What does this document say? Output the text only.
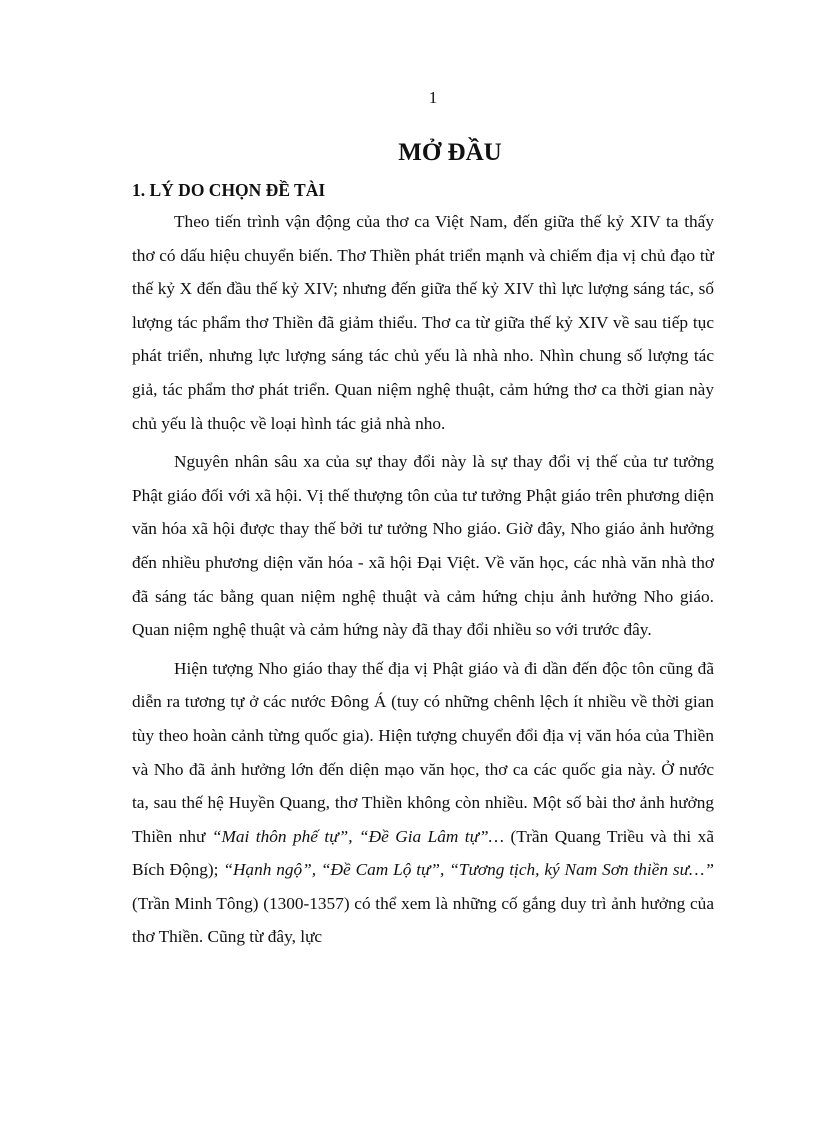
1
MỞ ĐẦU
1. LÝ DO CHỌN ĐỀ TÀI

Theo tiến trình vận động của thơ ca Việt Nam, đến giữa thế kỷ XIV ta thấy thơ có dấu hiệu chuyển biến. Thơ Thiền phát triển mạnh và chiếm địa vị chủ đạo từ thế kỷ X đến đầu thế kỷ XIV; nhưng đến giữa thế kỷ XIV thì lực lượng sáng tác, số lượng tác phẩm thơ Thiền đã giảm thiểu. Thơ ca từ giữa thế kỷ XIV về sau tiếp tục phát triển, nhưng lực lượng sáng tác chủ yếu là nhà nho. Nhìn chung số lượng tác giả, tác phẩm thơ phát triển. Quan niệm nghệ thuật, cảm hứng thơ ca thời gian này chủ yếu là thuộc về loại hình tác giả nhà nho.

Nguyên nhân sâu xa của sự thay đổi này là sự thay đổi vị thế của tư tưởng Phật giáo đối với xã hội. Vị thế thượng tôn của tư tưởng Phật giáo trên phương diện văn hóa xã hội được thay thế bởi tư tưởng Nho giáo. Giờ đây, Nho giáo ảnh hưởng đến nhiều phương diện văn hóa - xã hội Đại Việt. Về văn học, các nhà văn nhà thơ đã sáng tác bằng quan niệm nghệ thuật và cảm hứng chịu ảnh hưởng Nho giáo. Quan niệm nghệ thuật và cảm hứng này đã thay đổi nhiều so với trước đây.

Hiện tượng Nho giáo thay thế địa vị Phật giáo và đi dần đến độc tôn cũng đã diễn ra tương tự ở các nước Đông Á (tuy có những chênh lệch ít nhiều về thời gian tùy theo hoàn cảnh từng quốc gia). Hiện tượng chuyển đổi địa vị văn hóa của Thiền và Nho đã ảnh hưởng lớn đến diện mạo văn học, thơ ca các quốc gia này. Ở nước ta, sau thế hệ Huyền Quang, thơ Thiền không còn nhiều. Một số bài thơ ảnh hưởng Thiền như “Mai thôn phế tự”, “Đề Gia Lâm tự”… (Trần Quang Triều và thi xã Bích Động); “Hạnh ngộ”, “Đề Cam Lộ tự”, “Tương tịch, ký Nam Sơn thiền sư…” (Trần Minh Tông) (1300-1357) có thể xem là những cố gắng duy trì ảnh hưởng của thơ Thiền. Cũng từ đây, lực
